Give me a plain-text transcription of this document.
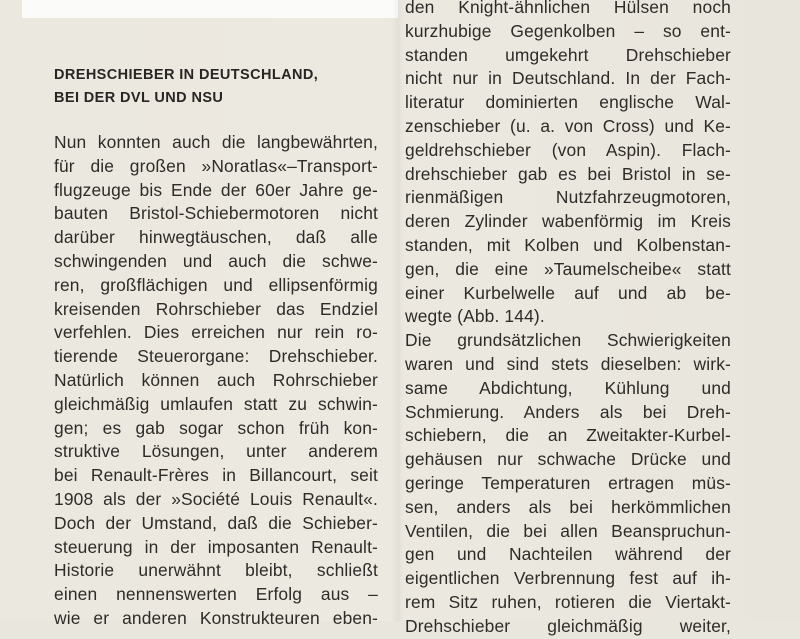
DREHSCHIEBER IN DEUTSCHLAND,
BEI DER DVL UND NSU
Nun konnten auch die langbewährten,
für die großen »Noratlas«–Transport-
flugzeuge bis Ende der 60er Jahre ge-
bauten Bristol-Schiebermotoren nicht
darüber hinwegtäuschen, daß alle
schwingenden und auch die schwe-
ren, großflächigen und ellipsenförmig
kreisenden Rohrschieber das Endziel
verfehlen. Dies erreichen nur rein ro-
tierende Steuerorgane: Drehschieber.
Natürlich können auch Rohrschieber
gleichmäßig umlaufen statt zu schwin-
gen; es gab sogar schon früh kon-
struktive Lösungen, unter anderem
bei Renault-Frères in Billancourt, seit
1908 als der »Société Louis Renault«.
Doch der Umstand, daß die Schieber-
steuerung in der imposanten Renault-
Historie unerwähnt bleibt, schließt
einen nennenswerten Erfolg aus –
wie er anderen Konstrukteuren eben-
den Knight-ähnlichen Hülsen noch
kurzhubige Gegenkolben – so ent-
standen umgekehrt Drehschieber
nicht nur in Deutschland. In der Fach-
literatur dominierten englische Wal-
zenschieber (u. a. von Cross) und Ke-
geldrehschieber (von Aspin). Flach-
drehschieber gab es bei Bristol in se-
rienmäßigen Nutzfahrzeugmotoren,
deren Zylinder wabenförmig im Kreis
standen, mit Kolben und Kolbenstan-
gen, die eine »Taumelscheibe« statt
einer Kurbelwelle auf und ab be-
wegte (Abb. 144).
Die grundsätzlichen Schwierigkeiten
waren und sind stets dieselben: wirk-
same Abdichtung, Kühlung und
Schmierung. Anders als bei Dreh-
schiebern, die an Zweitakter-Kurbel-
gehäusen nur schwache Drücke und
geringe Temperaturen ertragen müs-
sen, anders als bei herkömmlichen
Ventilen, die bei allen Beanspruchun-
gen und Nachteilen während der
eigentlichen Verbrennung fest auf ih-
rem Sitz ruhen, rotieren die Viertakt-
Drehschieber gleichmäßig weiter,
